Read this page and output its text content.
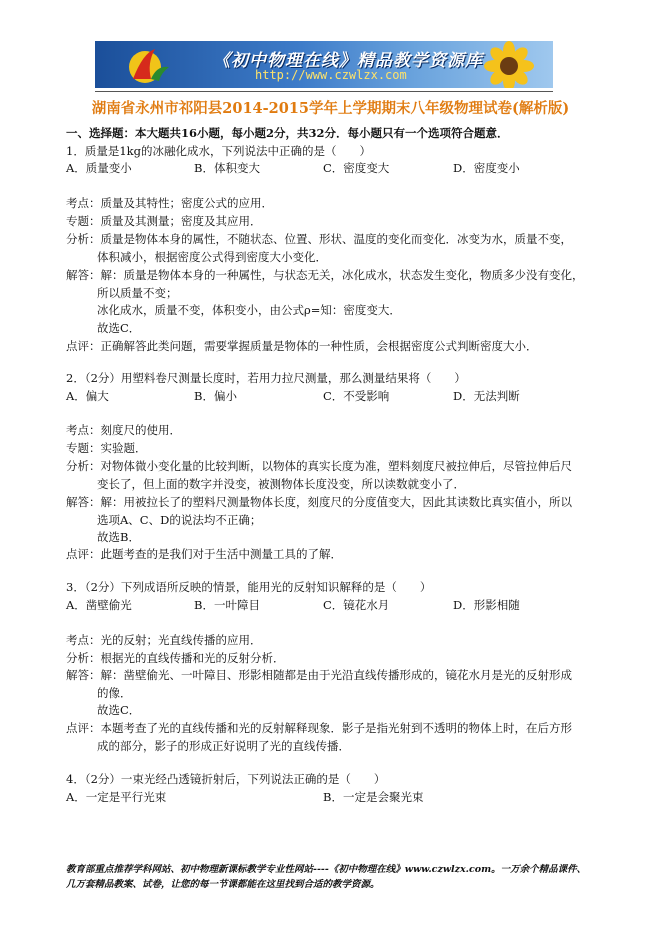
《初中物理在线》精品教学资源库
http://www.czwlzx.com
湖南省永州市祁阳县2014-2015学年上学期期末八年级物理试卷(解析版)
一、选择题：本大题共16小题，每小题2分，共32分．每小题只有一个选项符合题意．
1．质量是1kg的冰融化成水，下列说法中正确的是（　　）
A．质量变小	B．体积变大	C．密度变大	D．密度变小
考点：质量及其特性；密度公式的应用．
专题：质量及其测量；密度及其应用．
分析：质量是物体本身的属性，不随状态、位置、形状、温度的变化而变化．冰变为水，质量不变，
体积减小，根据密度公式得到密度大小变化．
解答：解：质量是物体本身的一种属性，与状态无关，冰化成水，状态发生变化，物质多少没有变化，
所以质量不变；
冰化成水，质量不变，体积变小，由公式ρ=知：密度变大．
故选C．
点评：正确解答此类问题，需要掌握质量是物体的一种性质，会根据密度公式判断密度大小．
2．（2分）用塑料卷尺测量长度时，若用力拉尺测量，那么测量结果将（　　）
A．偏大	B．偏小	C．不受影响	D．无法判断
考点：刻度尺的使用．
专题：实验题．
分析：对物体微小变化量的比较判断，以物体的真实长度为准，塑料刻度尺被拉伸后，尽管拉伸后尺
变长了，但上面的数字并没变，被测物体长度没变，所以读数就变小了．
解答：解：用被拉长了的塑料尺测量物体长度，刻度尺的分度值变大，因此其读数比真实值小，所以
选项A、C、D的说法均不正确；
故选B．
点评：此题考查的是我们对于生活中测量工具的了解．
3．（2分）下列成语所反映的情景，能用光的反射知识解释的是（　　）
A．凿壁偷光	B．一叶障目	C．镜花水月	D．形影相随
考点：光的反射；光直线传播的应用．
分析：根据光的直线传播和光的反射分析．
解答：解：凿壁偷光、一叶障目、形影相随都是由于光沿直线传播形成的，镜花水月是光的反射形成
的像．
故选C．
点评：本题考查了光的直线传播和光的反射解释现象．影子是指光射到不透明的物体上时，在后方形
成的部分，影子的形成正好说明了光的直线传播．
4．（2分）一束光经凸透镜折射后，下列说法正确的是（　　）
A．一定是平行光束	B．一定是会聚光束
教育部重点推荐学科网站、初中物理新课标教学专业性网站----《初中物理在线》www.czwlzx.com。一万余个精品课件、
几万套精品教案、试卷，让您的每一节课都能在这里找到合适的教学资源。
